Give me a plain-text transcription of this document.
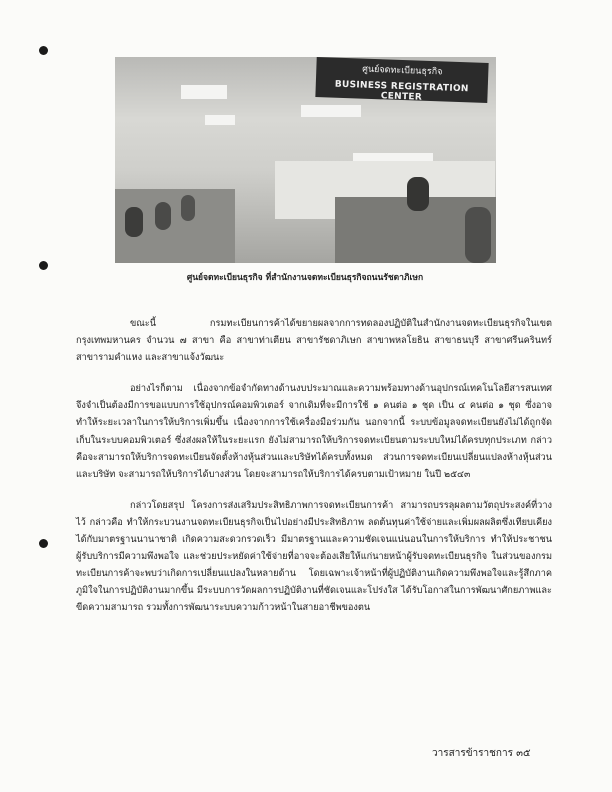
ศูนย์จดทะเบียนธุรกิจ
BUSINESS REGISTRATION CENTER
ศูนย์จดทะเบียนธุรกิจ ที่สำนักงานจดทะเบียนธุรกิจถนนรัชดาภิเษก

ขณะนี้ กรมทะเบียนการค้าได้ขยายผลจากการทดลองปฏิบัติในสำนักงานจดทะเบียนธุรกิจในเขตกรุงเทพมหานคร จำนวน ๗ สาขา คือ สาขาท่าเตียน สาขารัชดาภิเษก สาขาพหลโยธิน สาขาธนบุรี สาขาศรีนครินทร์ สาขารามคำแหง และสาขาแจ้งวัฒนะ

อย่างไรก็ตาม เนื่องจากข้อจำกัดทางด้านงบประมาณและความพร้อมทางด้านอุปกรณ์เทคโนโลยีสารสนเทศ จึงจำเป็นต้องมีการขอแบบการใช้อุปกรณ์คอมพิวเตอร์ จากเดิมที่จะมีการใช้ ๑ คนต่อ ๑ ชุด เป็น ๔ คนต่อ ๑ ชุด ซึ่งอาจทำให้ระยะเวลาในการให้บริการเพิ่มขึ้น เนื่องจากการใช้เครื่องมือร่วมกัน นอกจากนี้ ระบบข้อมูลจดทะเบียนยังไม่ได้ถูกจัดเก็บในระบบคอมพิวเตอร์ ซึ่งส่งผลให้ในระยะแรก ยังไม่สามารถให้บริการจดทะเบียนตามระบบใหม่ได้ครบทุกประเภท กล่าวคือจะสามารถให้บริการจดทะเบียนจัดตั้งห้างหุ้นส่วนและบริษัทได้ครบทั้งหมด ส่วนการจดทะเบียนเปลี่ยนแปลงห้างหุ้นส่วนและบริษัท จะสามารถให้บริการได้บางส่วน โดยจะสามารถให้บริการได้ครบตามเป้าหมาย ในปี ๒๕๔๓

กล่าวโดยสรุป โครงการส่งเสริมประสิทธิภาพการจดทะเบียนการค้า สามารถบรรลุผลตามวัตถุประสงค์ที่วางไว้ กล่าวคือ ทำให้กระบวนงานจดทะเบียนธุรกิจเป็นไปอย่างมีประสิทธิภาพ ลดต้นทุนค่าใช้จ่ายและเพิ่มผลผลิตซึ่งเทียบเคียงได้กับมาตรฐานนานาชาติ เกิดความสะดวกรวดเร็ว มีมาตรฐานและความชัดเจนแน่นอนในการให้บริการ ทำให้ประชาชนผู้รับบริการมีความพึงพอใจ และช่วยประหยัดค่าใช้จ่ายที่อาจจะต้องเสียให้แก่นายหน้าผู้รับจดทะเบียนธุรกิจ ในส่วนของกรมทะเบียนการค้าจะพบว่าเกิดการเปลี่ยนแปลงในหลายด้าน โดยเฉพาะเจ้าหน้าที่ผู้ปฏิบัติงานเกิดความพึงพอใจและรู้สึกภาคภูมิใจในการปฏิบัติงานมากขึ้น มีระบบการวัดผลการปฏิบัติงานที่ชัดเจนและโปร่งใส ได้รับโอกาสในการพัฒนาศักยภาพและขีดความสามารถ รวมทั้งการพัฒนาระบบความก้าวหน้าในสายอาชีพของตน

วารสารข้าราชการ ๓๕
